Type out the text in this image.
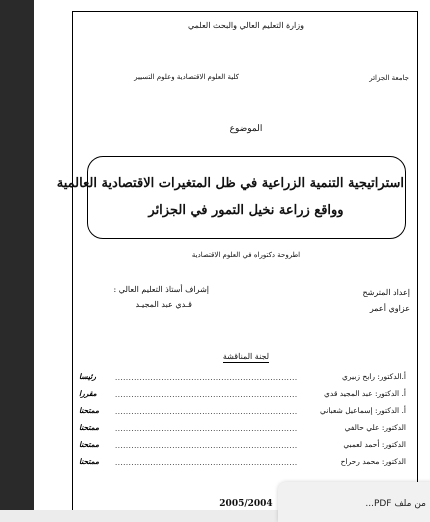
وزارة التعليم العالي والبحث العلمي
كلية العلوم الاقتصادية وعلوم التسيير	جامعة الجزائر
الموضوع
استراتيجية التنمية الزراعية في ظل المتغيرات الاقتصادية العالمية
وواقع زراعة نخيل التمور في الجزائر
اطروحة دكتوراه في العلوم الاقتصادية
إشراف أستاذ التعليم العالي :
قـدي عبد المجيـد
إعداد المترشح
عزاوي أعمر
لجنة المناقشة
أ.الدكتور: رابح زبيري
...................................................................
رئيسا
أ. الدكتور: عبد المجيد قدي
...................................................................
مقررا
أ. الدكتور: إسماعيل شعباني
...................................................................
ممتحنا
الدكتور: علي حالفي
...................................................................
ممتحنا
الدكتور: أحمد لعمبي
...................................................................
ممتحنا
الدكتور: محمد رحراح
...................................................................
ممتحنا
2005/2004	من ملف PDF...
